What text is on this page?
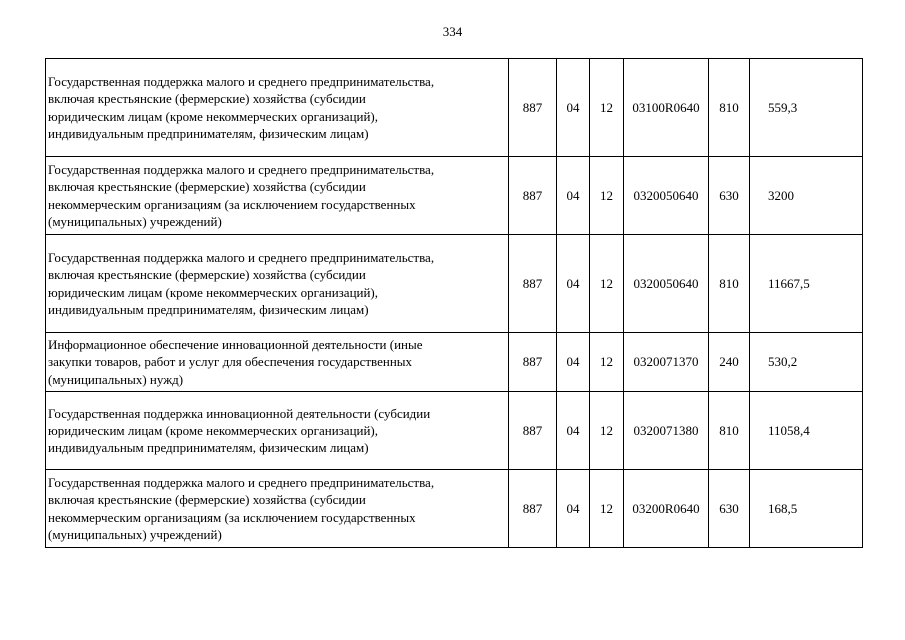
334
Государственная поддержка малого и среднего предпринимательства,
включая крестьянские (фермерские) хозяйства (субсидии
юридическим лицам (кроме некоммерческих организаций),
индивидуальным предпринимателям, физическим лицам)	887	04	12	03100R0640	810	559,3

Государственная поддержка малого и среднего предпринимательства,
включая крестьянские (фермерские) хозяйства (субсидии
некоммерческим организациям (за исключением государственных
(муниципальных) учреждений)	887	04	12	0320050640	630	3200

Государственная поддержка малого и среднего предпринимательства,
включая крестьянские (фермерские) хозяйства (субсидии
юридическим лицам (кроме некоммерческих организаций),
индивидуальным предпринимателям, физическим лицам)	887	04	12	0320050640	810	11667,5

Информационное обеспечение инновационной деятельности (иные
закупки товаров, работ и услуг для обеспечения государственных
(муниципальных) нужд)	887	04	12	0320071370	240	530,2

Государственная поддержка инновационной деятельности (субсидии
юридическим лицам (кроме некоммерческих организаций),
индивидуальным предпринимателям, физическим лицам)	887	04	12	0320071380	810	11058,4

Государственная поддержка малого и среднего предпринимательства,
включая крестьянские (фермерские) хозяйства (субсидии
некоммерческим организациям (за исключением государственных
(муниципальных) учреждений)	887	04	12	03200R0640	630	168,5
